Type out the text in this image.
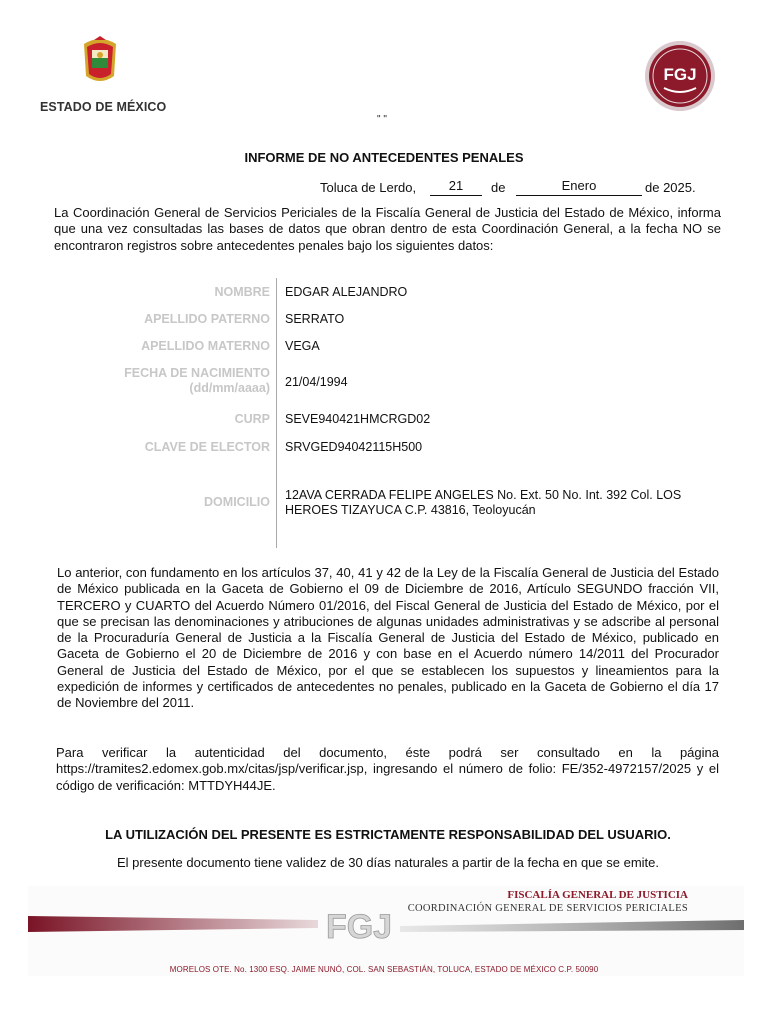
ESTADO DE MÉXICO
FGJ
" "
INFORME DE NO ANTECEDENTES PENALES
Toluca de Lerdo,	21	de	Enero	de 2025.
La Coordinación General de Servicios Periciales de la Fiscalía General de Justicia del Estado de México, informa que una vez consultadas las bases de datos que obran dentro de esta Coordinación General, a la fecha NO se encontraron registros sobre antecedentes penales bajo los siguientes datos:
NOMBRE EDGAR ALEJANDRO
APELLIDO PATERNO SERRATO
APELLIDO MATERNO VEGA
FECHA DE NACIMIENTO
(dd/mm/aaaa) 21/04/1994
CURP SEVE940421HMCRGD02
CLAVE DE ELECTOR SRVGED94042115H500
DOMICILIO 12AVA CERRADA FELIPE ANGELES No. Ext. 50 No. Int. 392 Col. LOS HEROES TIZAYUCA C.P. 43816, Teoloyucán
Lo anterior, con fundamento en los artículos 37, 40, 41 y 42 de la Ley de la Fiscalía General de Justicia del Estado de México publicada en la Gaceta de Gobierno el 09 de Diciembre de 2016, Artículo SEGUNDO fracción VII, TERCERO y CUARTO del Acuerdo Número 01/2016, del Fiscal General de Justicia del Estado de México, por el que se precisan las denominaciones y atribuciones de algunas unidades administrativas y se adscribe al personal de la Procuraduría General de Justicia a la Fiscalía General de Justicia del Estado de México, publicado en Gaceta de Gobierno el 20 de Diciembre de 2016 y con base en el Acuerdo número 14/2011 del Procurador General de Justicia del Estado de México, por el que se establecen los supuestos y lineamientos para la expedición de informes y certificados de antecedentes no penales, publicado en la Gaceta de Gobierno el día 17 de Noviembre del 2011.
Para verificar la autenticidad del documento, éste podrá ser consultado en la página https://tramites2.edomex.gob.mx/citas/jsp/verificar.jsp, ingresando el número de folio: FE/352-4972157/2025 y el código de verificación: MTTDYH44JE.
LA UTILIZACIÓN DEL PRESENTE ES ESTRICTAMENTE RESPONSABILIDAD DEL USUARIO.
El presente documento tiene validez de 30 días naturales a partir de la fecha en que se emite.
FGJ
FISCALÍA GENERAL DE JUSTICIA
COORDINACIÓN GENERAL DE SERVICIOS PERICIALES
MORELOS OTE. No. 1300 ESQ. JAIME NUNÓ, COL. SAN SEBASTIÁN, TOLUCA, ESTADO DE MÉXICO C.P. 50090
